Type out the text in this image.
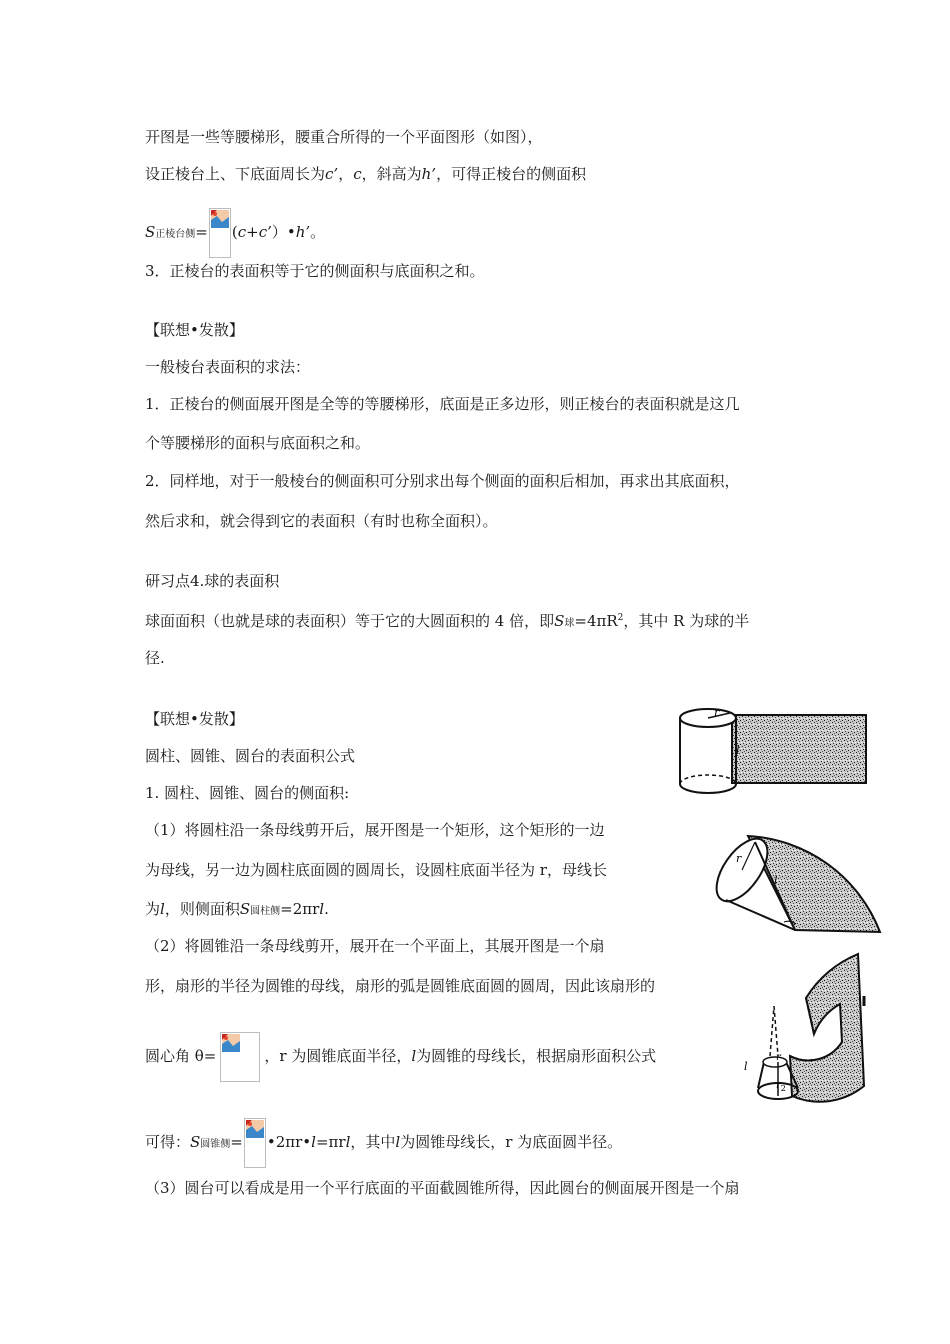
开图是一些等腰梯形，腰重合所得的一个平面图形（如图），
设正棱台上、下底面周长为c’，c，斜高为h’，可得正棱台的侧面积
S正棱台侧= (c+c’）•h’。
3．正棱台的表面积等于它的侧面积与底面积之和。
【联想•发散】
一般棱台表面积的求法：
1．正棱台的侧面展开图是全等的等腰梯形，底面是正多边形，则正棱台的表面积就是这几
个等腰梯形的面积与底面积之和。
2．同样地，对于一般棱台的侧面积可分别求出每个侧面的面积后相加，再求出其底面积，
然后求和，就会得到它的表面积（有时也称全面积）。
研习点4.球的表面积
球面面积（也就是球的表面积）等于它的大圆面积的 4 倍，即S球$=4\pi R^2$，其中 R 为球的半
径.
【联想•发散】
圆柱、圆锥、圆台的表面积公式
1. 圆柱、圆锥、圆台的侧面积:
（1）将圆柱沿一条母线剪开后，展开图是一个矩形，这个矩形的一边
为母线，另一边为圆柱底面圆的圆周长，设圆柱底面半径为 r，母线长
为l，则侧面积S圆柱侧=2πrl.
（2）将圆锥沿一条母线剪开，展开在一个平面上，其展开图是一个扇
形，扇形的半径为圆锥的母线，扇形的弧是圆锥底面圆的圆周，因此该扇形的
圆心角 θ=	，r 为圆锥底面半径，l为圆锥的母线长，根据扇形面积公式
可得：S圆锥侧= •2πr•l=πrl，其中l为圆锥母线长，r 为底面圆半径。
（3）圆台可以看成是用一个平行底面的平面截圆锥所得，因此圆台的侧面展开图是一个扇
r
l
r
l
l
r
$r_2$
